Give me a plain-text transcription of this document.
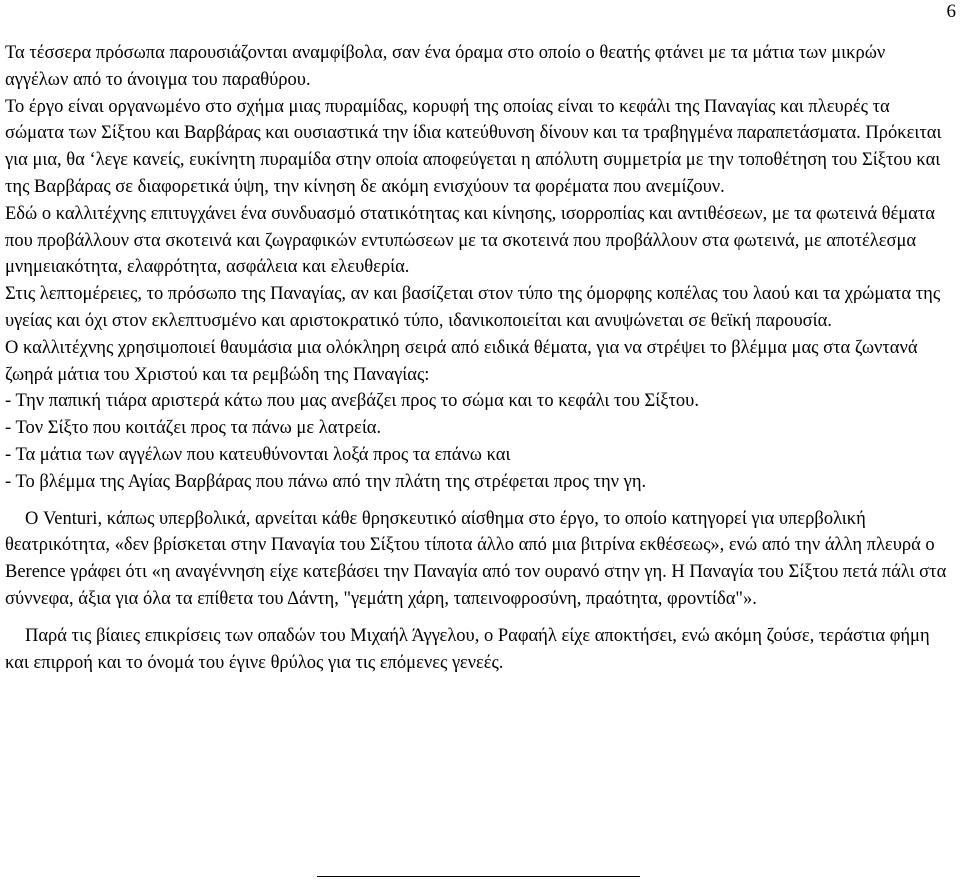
6

Τα τέσσερα πρόσωπα παρουσιάζονται αναμφίβολα, σαν ένα όραμα στο οποίο ο θεατής φτάνει με τα μάτια των μικρών αγγέλων από το άνοιγμα του παραθύρου.

Το έργο είναι οργανωμένο στο σχήμα μιας πυραμίδας, κορυφή της οποίας είναι το κεφάλι της Παναγίας και πλευρές τα σώματα των Σίξτου και Βαρβάρας και ουσιαστικά την ίδια κατεύθυνση δίνουν και τα τραβηγμένα παραπετάσματα. Πρόκειται για μια, θα ‘λεγε κανείς, ευκίνητη πυραμίδα στην οποία αποφεύγεται η απόλυτη συμμετρία με την τοποθέτηση του Σίξτου και της Βαρβάρας σε διαφορετικά ύψη, την κίνηση δε ακόμη ενισχύουν τα φορέματα που ανεμίζουν.

Εδώ ο καλλιτέχνης επιτυγχάνει ένα συνδυασμό στατικότητας και κίνησης, ισορροπίας και αντιθέσεων, με τα φωτεινά θέματα που προβάλλουν στα σκοτεινά και ζωγραφικών εντυπώσεων με τα σκοτεινά που προβάλλουν στα φωτεινά, με αποτέλεσμα μνημειακότητα, ελαφρότητα, ασφάλεια και ελευθερία.

Στις λεπτομέρειες, το πρόσωπο της Παναγίας, αν και βασίζεται στον τύπο της όμορφης κοπέλας του λαού και τα χρώματα της υγείας και όχι στον εκλεπτυσμένο και αριστοκρατικό τύπο, ιδανικοποιείται και ανυψώνεται σε θεϊκή παρουσία.

Ο καλλιτέχνης χρησιμοποιεί θαυμάσια μια ολόκληρη σειρά από ειδικά θέματα, για να στρέψει το βλέμμα μας στα ζωντανά ζωηρά μάτια του Χριστού και τα ρεμβώδη της Παναγίας:

- Την παπική τιάρα αριστερά κάτω που μας ανεβάζει προς το σώμα και το κεφάλι του Σίξτου.

- Τον Σίξτο που κοιτάζει προς τα πάνω με λατρεία.

- Τα μάτια των αγγέλων που κατευθύνονται λοξά προς τα επάνω και

- Το βλέμμα της Αγίας Βαρβάρας που πάνω από την πλάτη της στρέφεται προς την γη.

Ο Venturi, κάπως υπερβολικά, αρνείται κάθε θρησκευτικό αίσθημα στο έργο, το οποίο κατηγορεί για υπερβολική θεατρικότητα, «δεν βρίσκεται στην Παναγία του Σίξτου τίποτα άλλο από μια βιτρίνα εκθέσεως», ενώ από την άλλη πλευρά ο Berence γράφει ότι «η αναγέννηση είχε κατεβάσει την Παναγία από τον ουρανό στην γη. Η Παναγία του Σίξτου πετά πάλι στα σύννεφα, άξια για όλα τα επίθετα του Δάντη, "γεμάτη χάρη, ταπεινοφροσύνη, πραότητα, φροντίδα"».

Παρά τις βίαιες επικρίσεις των οπαδών του Μιχαήλ Άγγελου, ο Ραφαήλ είχε αποκτήσει, ενώ ακόμη ζούσε, τεράστια φήμη και επιρροή και το όνομά του έγινε θρύλος για τις επόμενες γενεές.
